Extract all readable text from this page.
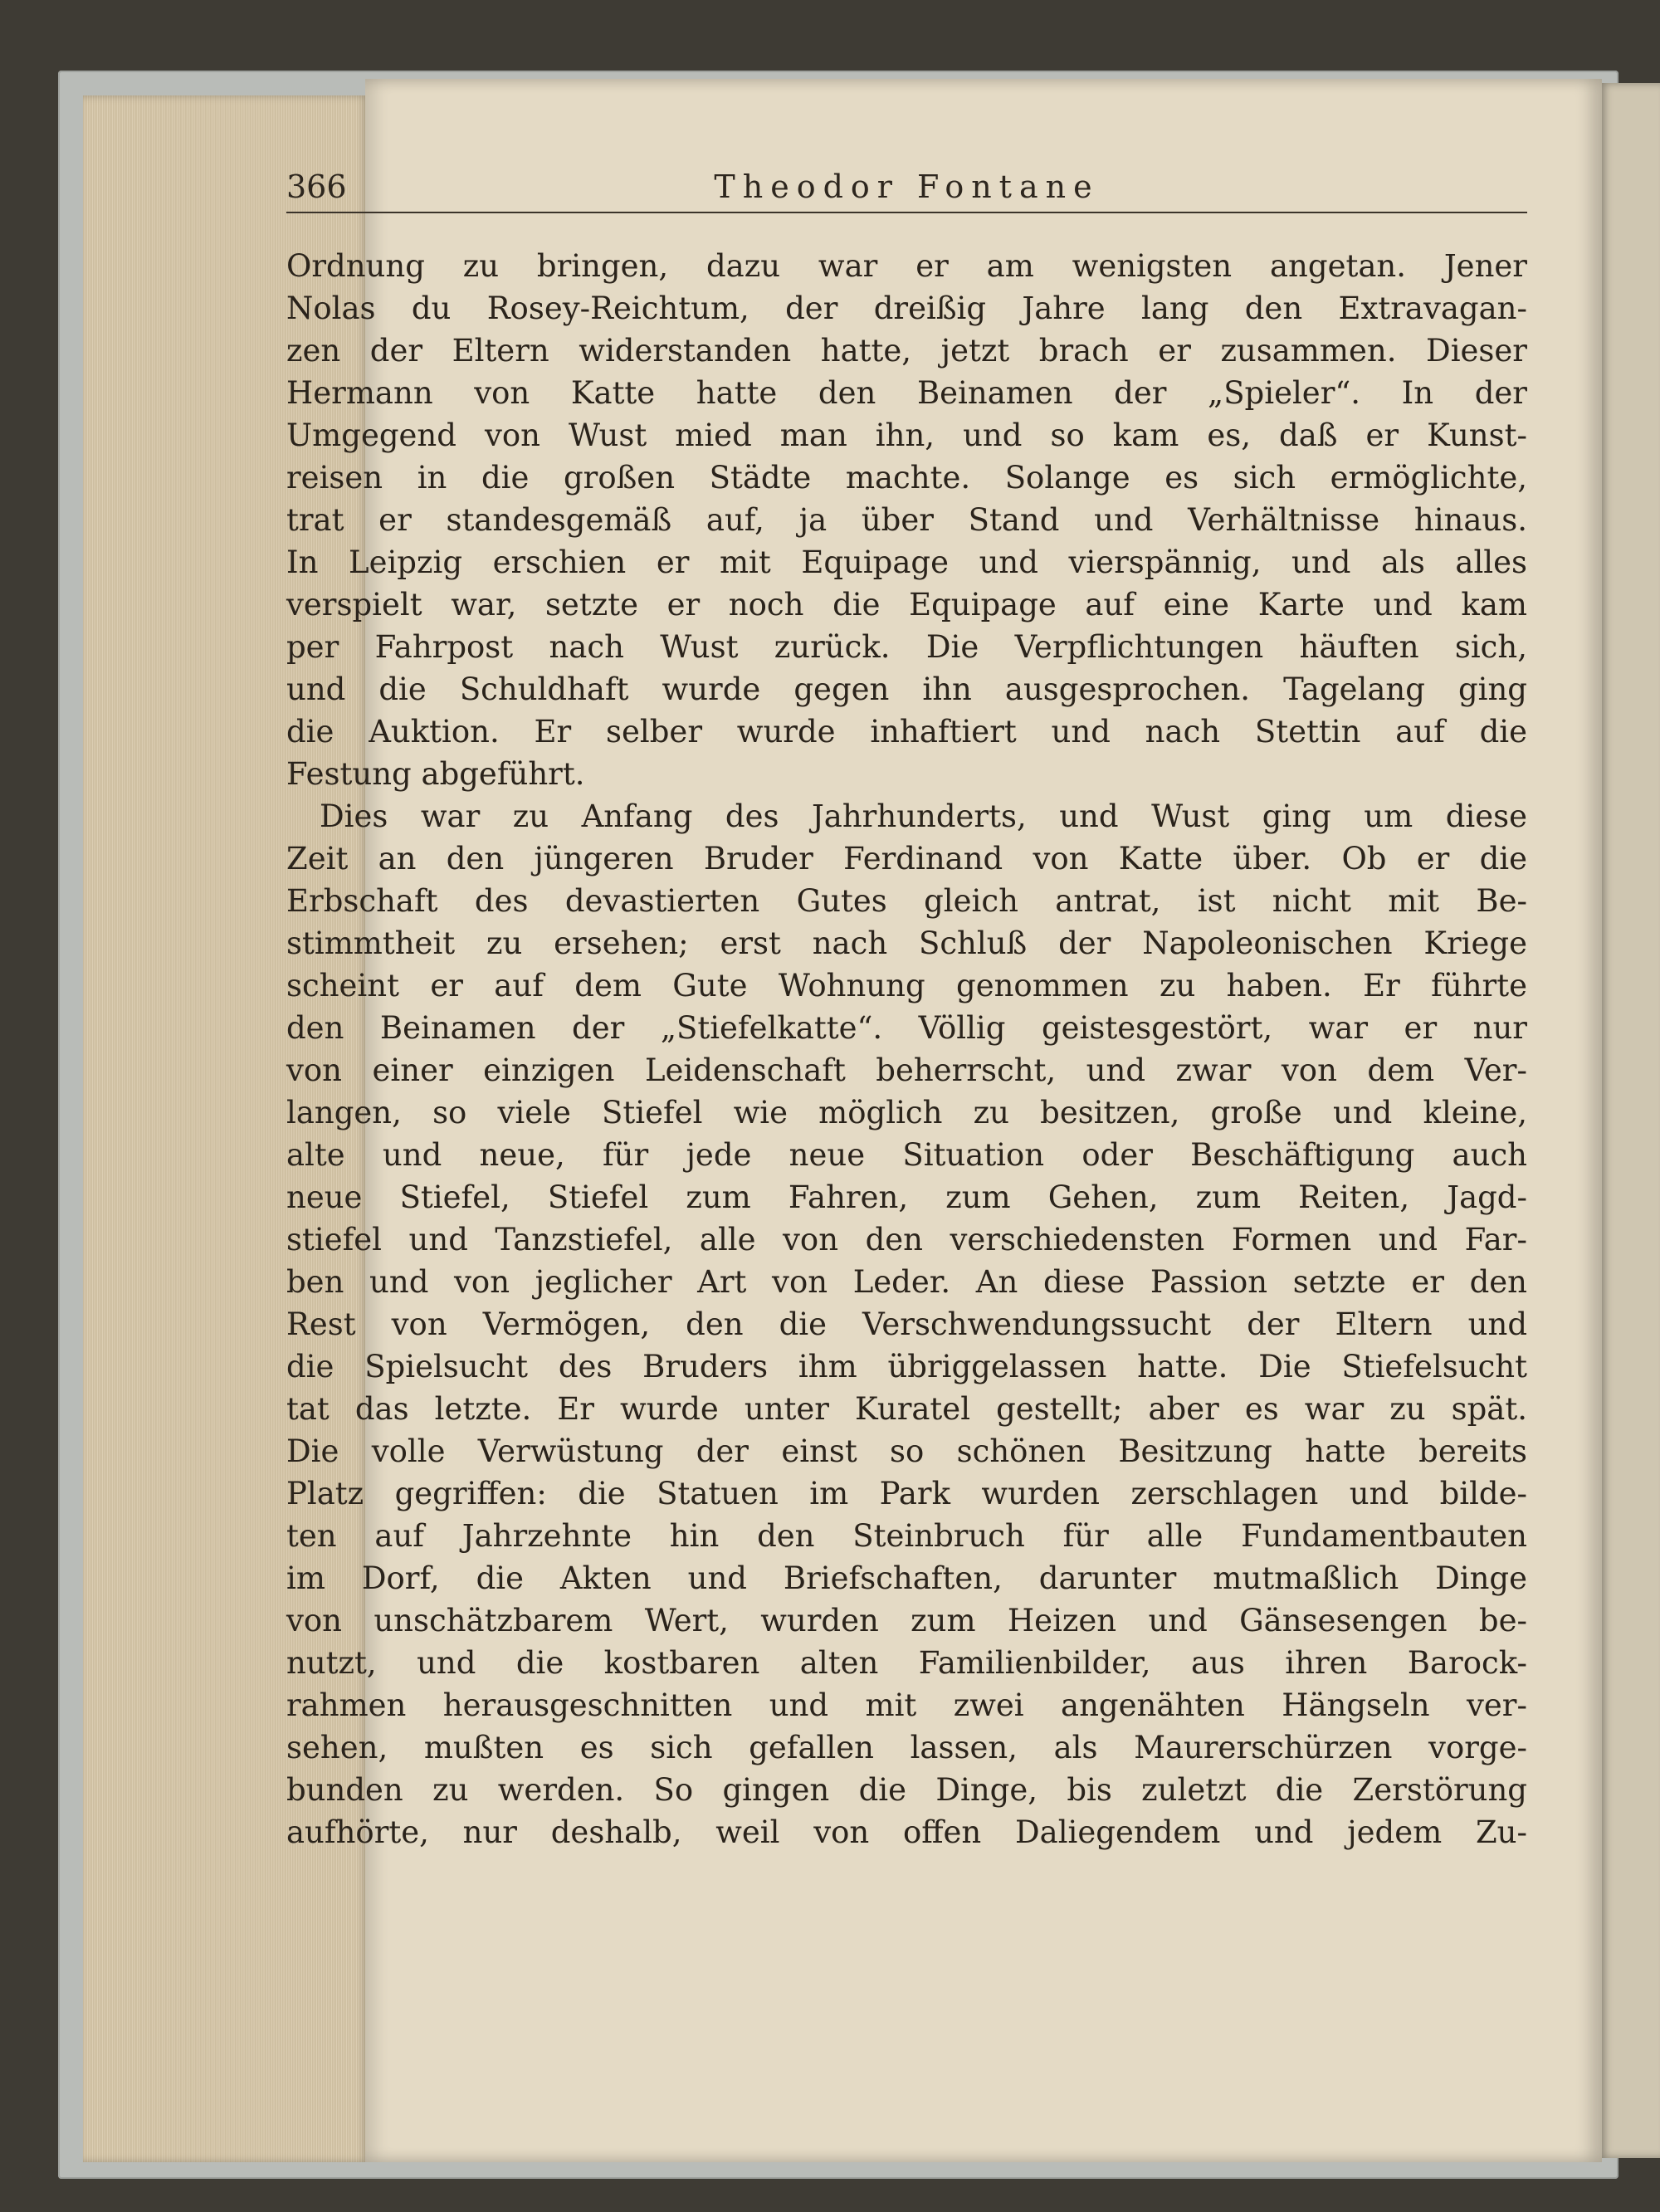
366	Theodor Fontane
Ordnung zu bringen, dazu war er am wenigsten angetan. Jener
Nolas du Rosey-Reichtum, der dreißig Jahre lang den Extravagan-
zen der Eltern widerstanden hatte, jetzt brach er zusammen. Dieser
Hermann von Katte hatte den Beinamen der „Spieler“. In der
Umgegend von Wust mied man ihn, und so kam es, daß er Kunst-
reisen in die großen Städte machte. Solange es sich ermöglichte,
trat er standesgemäß auf, ja über Stand und Verhältnisse hinaus.
In Leipzig erschien er mit Equipage und vierspännig, und als alles
verspielt war, setzte er noch die Equipage auf eine Karte und kam
per Fahrpost nach Wust zurück. Die Verpflichtungen häuften sich,
und die Schuldhaft wurde gegen ihn ausgesprochen. Tagelang ging
die Auktion. Er selber wurde inhaftiert und nach Stettin auf die
Festung abgeführt.
Dies war zu Anfang des Jahrhunderts, und Wust ging um diese
Zeit an den jüngeren Bruder Ferdinand von Katte über. Ob er die
Erbschaft des devastierten Gutes gleich antrat, ist nicht mit Be-
stimmtheit zu ersehen; erst nach Schluß der Napoleonischen Kriege
scheint er auf dem Gute Wohnung genommen zu haben. Er führte
den Beinamen der „Stiefelkatte“. Völlig geistesgestört, war er nur
von einer einzigen Leidenschaft beherrscht, und zwar von dem Ver-
langen, so viele Stiefel wie möglich zu besitzen, große und kleine,
alte und neue, für jede neue Situation oder Beschäftigung auch
neue Stiefel, Stiefel zum Fahren, zum Gehen, zum Reiten, Jagd-
stiefel und Tanzstiefel, alle von den verschiedensten Formen und Far-
ben und von jeglicher Art von Leder. An diese Passion setzte er den
Rest von Vermögen, den die Verschwendungssucht der Eltern und
die Spielsucht des Bruders ihm übriggelassen hatte. Die Stiefelsucht
tat das letzte. Er wurde unter Kuratel gestellt; aber es war zu spät.
Die volle Verwüstung der einst so schönen Besitzung hatte bereits
Platz gegriffen: die Statuen im Park wurden zerschlagen und bilde-
ten auf Jahrzehnte hin den Steinbruch für alle Fundamentbauten
im Dorf, die Akten und Briefschaften, darunter mutmaßlich Dinge
von unschätzbarem Wert, wurden zum Heizen und Gänsesengen be-
nutzt, und die kostbaren alten Familienbilder, aus ihren Barock-
rahmen herausgeschnitten und mit zwei angenähten Hängseln ver-
sehen, mußten es sich gefallen lassen, als Maurerschürzen vorge-
bunden zu werden. So gingen die Dinge, bis zuletzt die Zerstörung
aufhörte, nur deshalb, weil von offen Daliegendem und jedem Zu-
